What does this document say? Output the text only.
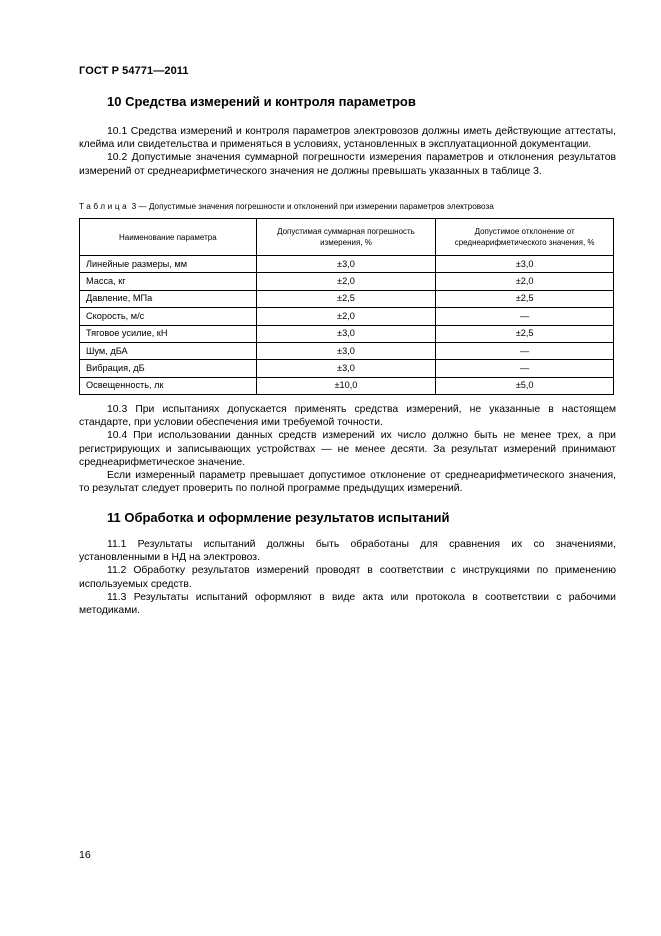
ГОСТ Р 54771—2011
10 Средства измерений и контроля параметров

10.1 Средства измерений и контроля параметров электровозов должны иметь действующие аттестаты, клейма или свидетельства и применяться в условиях, установленных в эксплуатационной документации.

10.2 Допустимые значения суммарной погрешности измерения параметров и отклонения результатов измерений от среднеарифметического значения не должны превышать указанных в таблице 3.

Таблица 3 — Допустимые значения погрешности и отклонений при измерении параметров электровоза
Наименование параметра	Допустимая суммарная погрешность измерения, %	Допустимое отклонение от среднеарифметического значения, %
Линейные размеры, мм	±3,0	±3,0
Масса, кг	±2,0	±2,0
Давление, МПа	±2,5	±2,5
Скорость, м/с	±2,0	—
Тяговое усилие, кН	±3,0	±2,5
Шум, дБА	±3,0	—
Вибрация, дБ	±3,0	—
Освещенность, лк	±10,0	±5,0

10.3 При испытаниях допускается применять средства измерений, не указанные в настоящем стандарте, при условии обеспечения ими требуемой точности.

10.4 При использовании данных средств измерений их число должно быть не менее трех, а при регистрирующих и записывающих устройствах — не менее десяти. За результат измерений принимают среднеарифметическое значение.

Если измеренный параметр превышает допустимое отклонение от среднеарифметического значения, то результат следует проверить по полной программе предыдущих измерений.

11 Обработка и оформление результатов испытаний

11.1 Результаты испытаний должны быть обработаны для сравнения их со значениями, установленными в НД на электровоз.

11.2 Обработку результатов измерений проводят в соответствии с инструкциями по применению используемых средств.

11.3 Результаты испытаний оформляют в виде акта или протокола в соответствии с рабочими методиками.

16
